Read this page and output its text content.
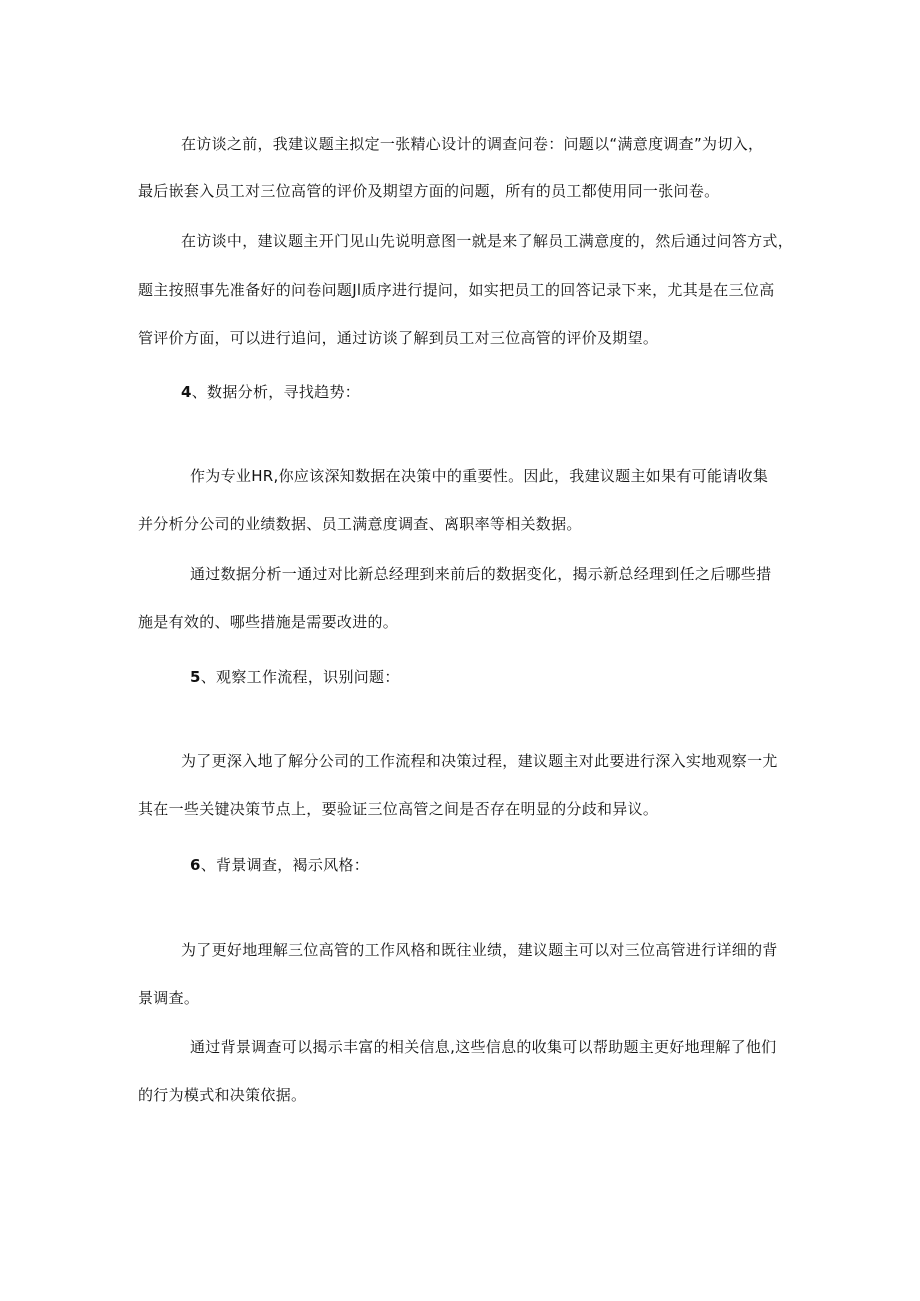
在访谈之前，我建议题主拟定一张精心设计的调查问卷：问题以“满意度调查”为切入，
最后嵌套入员工对三位高管的评价及期望方面的问题，所有的员工都使用同一张问卷。
在访谈中，建议题主开门见山先说明意图一就是来了解员工满意度的，然后通过问答方式，
题主按照事先准备好的问卷问题Jl质序进行提问，如实把员工的回答记录下来，尤其是在三位高
管评价方面，可以进行追问，通过访谈了解到员工对三位高管的评价及期望。
4、数据分析，寻找趋势：
作为专业HR,你应该深知数据在决策中的重要性。因此，我建议题主如果有可能请收集
并分析分公司的业绩数据、员工满意度调查、离职率等相关数据。
通过数据分析一通过对比新总经理到来前后的数据变化，揭示新总经理到任之后哪些措
施是有效的、哪些措施是需要改进的。
5、观察工作流程，识别问题：
为了更深入地了解分公司的工作流程和决策过程，建议题主对此要进行深入实地观察一尤
其在一些关键决策节点上，要验证三位高管之间是否存在明显的分歧和异议。
6、背景调查，褐示风格：
为了更好地理解三位高管的工作风格和既往业绩，建议题主可以对三位高管进行详细的背
景调查。
通过背景调查可以揭示丰富的相关信息,这些信息的收集可以帮助题主更好地理解了他们
的行为模式和决策依据。
